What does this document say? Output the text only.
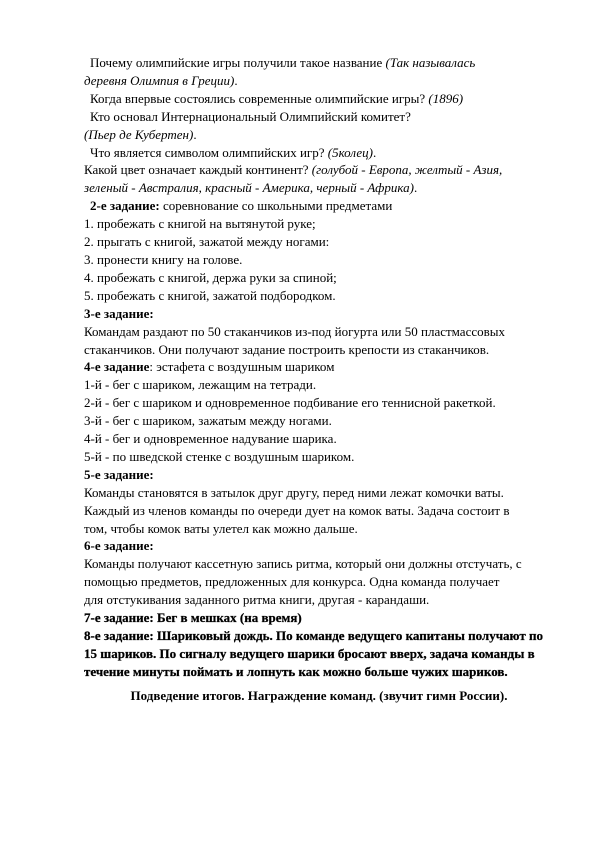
Почему олимпийские игры получили такое название (Так называлась
деревня Олимпия в Греции).
Когда впервые состоялись современные олимпийские игры? (1896)
Кто основал Интернациональный Олимпийский комитет?
(Пьер де Кубертен).
Что является символом олимпийских игр? (5колец).
Какой цвет означает каждый континент? (голубой - Европа, желтый - Азия,
зеленый - Австралия, красный - Америка, черный - Африка).
2-е задание: соревнование со школьными предметами
1. пробежать с книгой на вытянутой руке;
2. прыгать с книгой, зажатой между ногами:
3. пронести книгу на голове.
4. пробежать с книгой, держа руки за спиной;
5. пробежать с книгой, зажатой подбородком.
3-е задание:
Командам раздают по 50 стаканчиков из-под йогурта или 50 пластмассовых
стаканчиков. Они получают задание построить крепости из стаканчиков.
4-е задание: эстафета с воздушным шариком
1-й - бег с шариком, лежащим на тетради.
2-й - бег с шариком и одновременное подбивание его теннисной ракеткой.
3-й - бег с шариком, зажатым между ногами.
4-й - бег и одновременное надувание шарика.
5-й - по шведской стенке с воздушным шариком.
5-е задание:
Команды становятся в затылок друг другу, перед ними лежат комочки ваты.
Каждый из членов команды по очереди дует на комок ваты. Задача состоит в
том, чтобы комок ваты улетел как можно дальше.
6-е задание:
Команды получают кассетную запись ритма, который они должны отстучать, с
помощью предметов, предложенных для конкурса. Одна команда получает
для отстукивания заданного ритма книги, другая - карандаши.
7-е задание: Бег в мешках (на время)
8-е задание: Шариковый дождь. По команде ведущего капитаны получают по
15 шариков. По сигналу ведущего шарики бросают вверх, задача команды в
течение минуты поймать и лопнуть как можно больше чужих шариков.
Подведение итогов. Награждение команд. (звучит гимн России).
